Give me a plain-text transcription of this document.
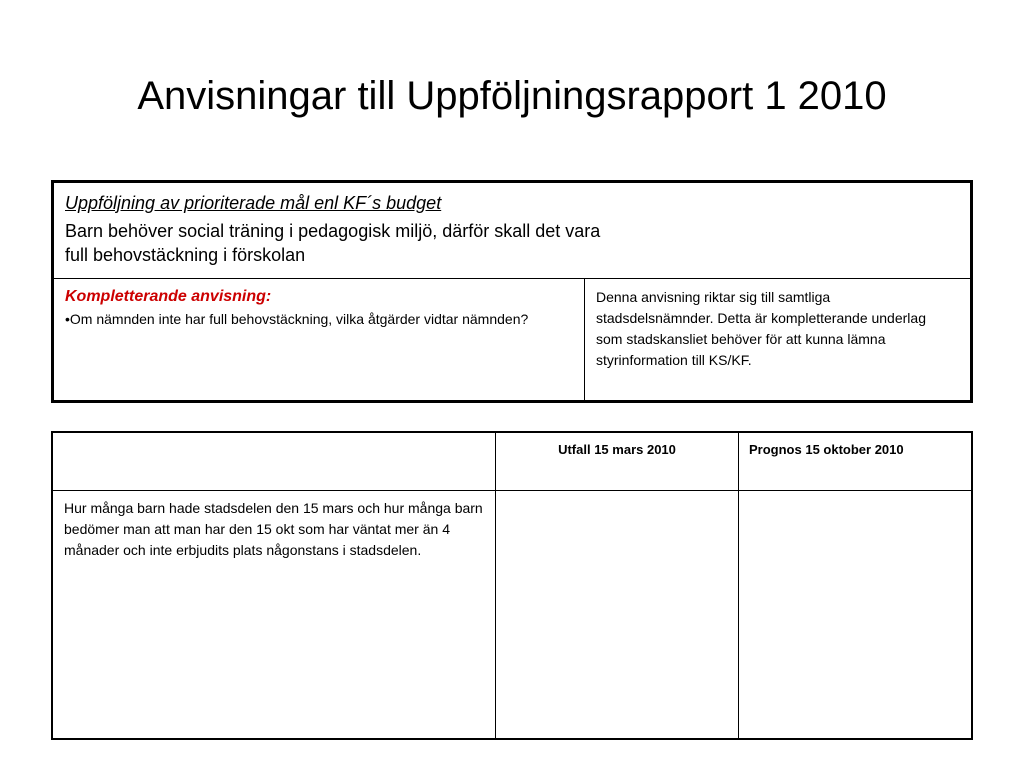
Anvisningar till Uppföljningsrapport 1 2010

Uppföljning av prioriterade mål enl KF´s budget

Barn behöver social träning i pedagogisk miljö, därför skall det vara full behovstäckning i förskolan

Kompletterande anvisning:

•Om nämnden inte har full behovstäckning, vilka åtgärder vidtar nämnden?

Denna anvisning riktar sig till samtliga stadsdelsnämnder. Detta är kompletterande underlag som stadskansliet behöver för att kunna lämna styrinformation till KS/KF.

Utfall 15 mars 2010	Prognos 15 oktober 2010

Hur många barn hade stadsdelen den 15 mars och hur många barn bedömer man att man har den 15 okt som har väntat mer än 4 månader och inte erbjudits plats någonstans i stadsdelen.
